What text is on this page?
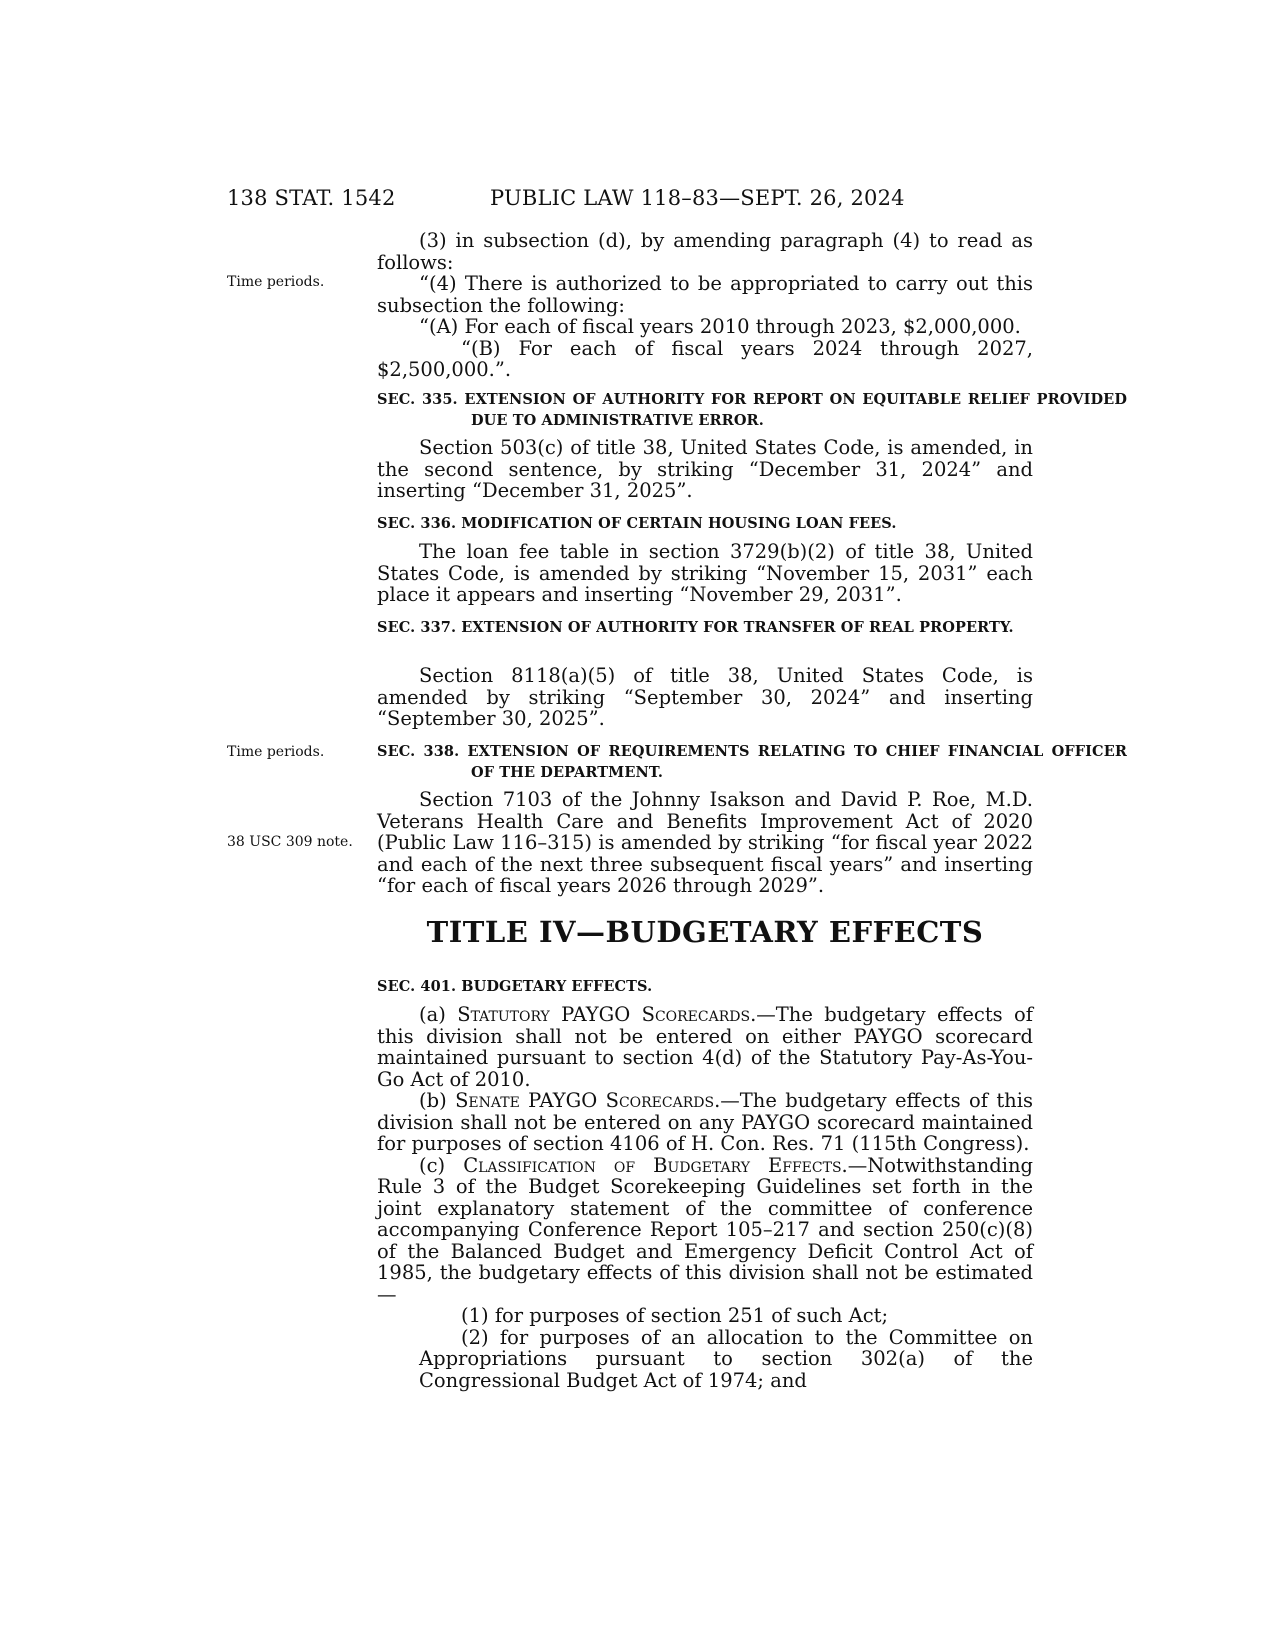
138 STAT. 1542	PUBLIC LAW 118–83—SEPT. 26, 2024
Time periods.
Time periods.
38 USC 309 note.

(3) in subsection (d), by amending paragraph (4) to read as follows:

“(4) There is authorized to be appropriated to carry out this subsection the following:

“(A) For each of fiscal years 2010 through 2023, $2,000,000.

“(B) For each of fiscal years 2024 through 2027, $2,500,000.”.

SEC. 335. EXTENSION OF AUTHORITY FOR REPORT ON EQUITABLE RELIEF PROVIDED DUE TO ADMINISTRATIVE ERROR.

Section 503(c) of title 38, United States Code, is amended, in the second sentence, by striking “December 31, 2024” and inserting “December 31, 2025”.

SEC. 336. MODIFICATION OF CERTAIN HOUSING LOAN FEES.

The loan fee table in section 3729(b)(2) of title 38, United States Code, is amended by striking “November 15, 2031” each place it appears and inserting “November 29, 2031”.

SEC. 337. EXTENSION OF AUTHORITY FOR TRANSFER OF REAL PROPERTY.

Section 8118(a)(5) of title 38, United States Code, is amended by striking “September 30, 2024” and inserting “September 30, 2025”.

SEC. 338. EXTENSION OF REQUIREMENTS RELATING TO CHIEF FINANCIAL OFFICER OF THE DEPARTMENT.

Section 7103 of the Johnny Isakson and David P. Roe, M.D. Veterans Health Care and Benefits Improvement Act of 2020 (Public Law 116–315) is amended by striking “for fiscal year 2022 and each of the next three subsequent fiscal years” and inserting “for each of fiscal years 2026 through 2029”.

TITLE IV—BUDGETARY EFFECTS
SEC. 401. BUDGETARY EFFECTS.

(a) Statutory PAYGO Scorecards.—The budgetary effects of this division shall not be entered on either PAYGO scorecard maintained pursuant to section 4(d) of the Statutory Pay-As-You-Go Act of 2010.

(b) Senate PAYGO Scorecards.—The budgetary effects of this division shall not be entered on any PAYGO scorecard maintained for purposes of section 4106 of H. Con. Res. 71 (115th Congress).

(c) Classification of Budgetary Effects.—Notwithstanding Rule 3 of the Budget Scorekeeping Guidelines set forth in the joint explanatory statement of the committee of conference accompanying Conference Report 105–217 and section 250(c)(8) of the Balanced Budget and Emergency Deficit Control Act of 1985, the budgetary effects of this division shall not be estimated—

(1) for purposes of section 251 of such Act;

(2) for purposes of an allocation to the Committee on Appropriations pursuant to section 302(a) of the Congressional Budget Act of 1974; and
